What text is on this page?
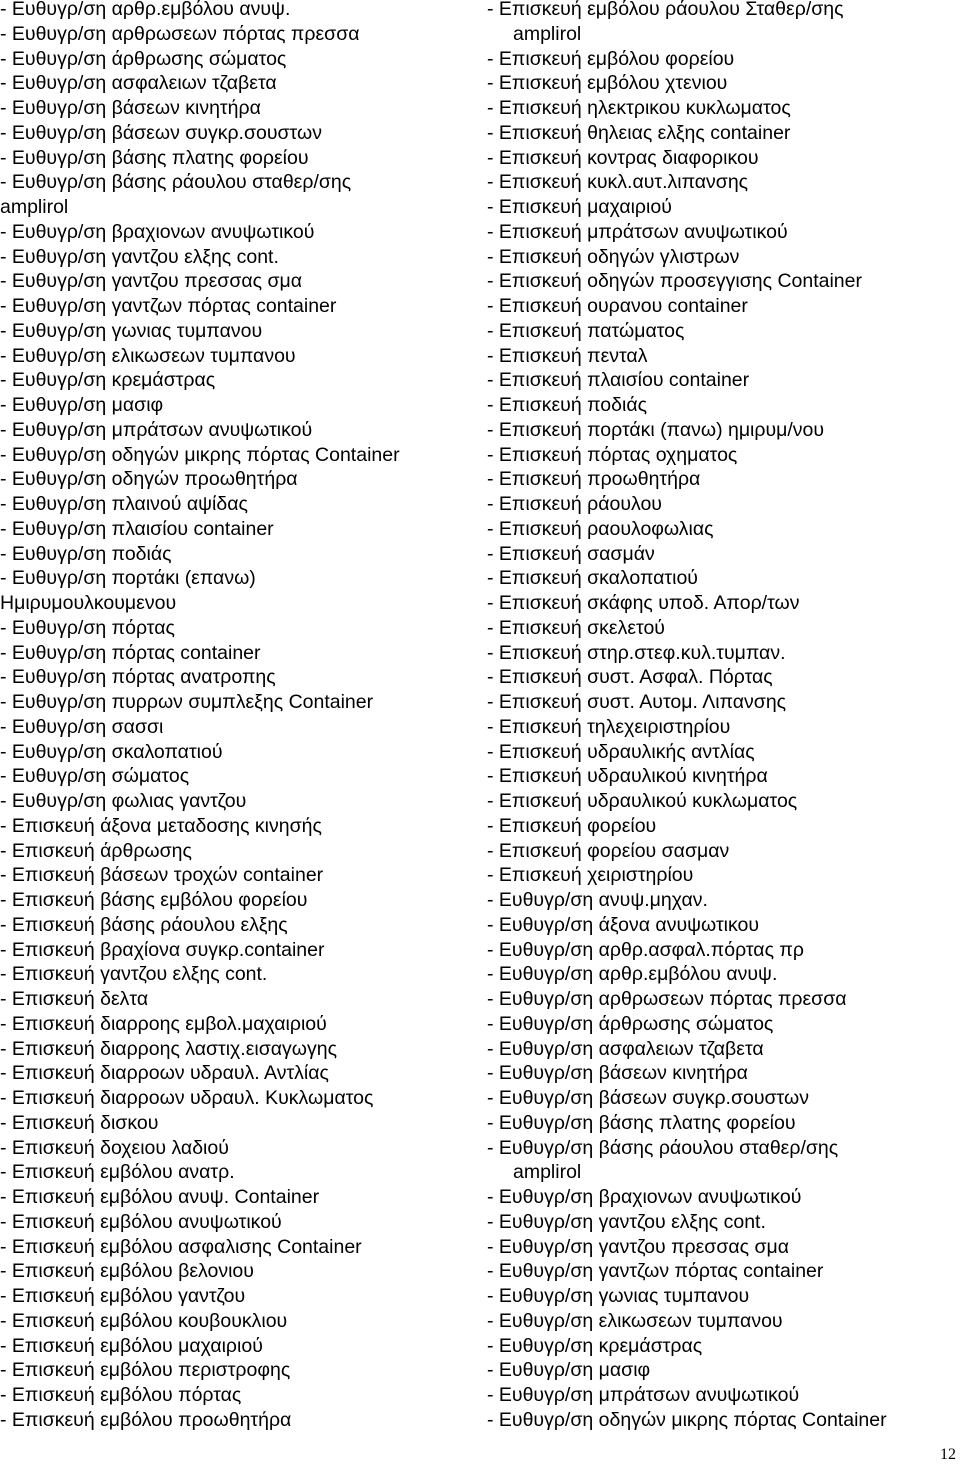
- Ευθυγρ/ση αρθρ.εμβόλου ανυψ.
- Ευθυγρ/ση αρθρωσεων πόρτας πρεσσα
- Ευθυγρ/ση άρθρωσης σώματος
- Ευθυγρ/ση ασφαλειων τζαβετα
- Ευθυγρ/ση βάσεων κινητήρα
- Ευθυγρ/ση βάσεων συγκρ.σουστων
- Ευθυγρ/ση βάσης πλατης φορείου
- Ευθυγρ/ση βάσης ράουλου σταθερ/σης
amplirol
- Ευθυγρ/ση βραχιονων ανυψωτικού
- Ευθυγρ/ση γαντζου ελξης cont.
- Ευθυγρ/ση γαντζου πρεσσας σμα
- Ευθυγρ/ση γαντζων πόρτας container
- Ευθυγρ/ση γωνιας τυμπανου
- Ευθυγρ/ση ελικωσεων τυμπανου
- Ευθυγρ/ση κρεμάστρας
- Ευθυγρ/ση μασιφ
- Ευθυγρ/ση μπράτσων ανυψωτικού
- Ευθυγρ/ση οδηγών μικρης πόρτας Container
- Ευθυγρ/ση οδηγών προωθητήρα
- Ευθυγρ/ση πλαινού αψίδας
- Ευθυγρ/ση πλαισίου container
- Ευθυγρ/ση ποδιάς
- Ευθυγρ/ση πορτάκι (επανω)
Ημιρυμουλκουμενου
- Ευθυγρ/ση πόρτας
- Ευθυγρ/ση πόρτας container
- Ευθυγρ/ση πόρτας ανατροπης
- Ευθυγρ/ση πυρρων συμπλεξης Container
- Ευθυγρ/ση σασσι
- Ευθυγρ/ση σκαλοπατιού
- Ευθυγρ/ση σώματος
- Ευθυγρ/ση φωλιας γαντζου
- Επισκευή άξονα μεταδοσης κινησής
- Επισκευή άρθρωσης
- Επισκευή βάσεων τροχών container
- Επισκευή βάσης εμβόλου φορείου
- Επισκευή βάσης ράουλου ελξης
- Επισκευή βραχίονα συγκρ.container
- Επισκευή γαντζου ελξης cont.
- Επισκευή δελτα
- Επισκευή διαρρoης εμβολ.μαχαιριού
- Επισκευή διαρροης λαστιχ.εισαγωγης
- Επισκευή διαρροων υδραυλ. Αντλίας
- Επισκευή διαρροων υδραυλ. Κυκλωματος
- Επισκευή δισκου
- Επισκευή δοχειου λαδιού
- Επισκευή εμβόλου ανατρ.
- Επισκευή εμβόλου ανυψ. Container
- Επισκευή εμβόλου ανυψωτικού
- Επισκευή εμβόλου ασφαλισης Container
- Επισκευή εμβόλου βελονιου
- Επισκευή εμβόλου γαντζου
- Επισκευή εμβόλου κουβουκλιου
- Επισκευή εμβόλου μαχαιριού
- Επισκευή εμβόλου περιστροφης
- Επισκευή εμβόλου πόρτας
- Επισκευή εμβόλου προωθητήρα
- Επισκευή εμβόλου ράουλου Σταθερ/σης
amplirol
- Επισκευή εμβόλου φορείου
- Επισκευή εμβόλου χτενιου
- Επισκευή ηλεκτρικου κυκλωματος
- Επισκευή θηλειας ελξης container
- Επισκευή κοντρας διαφορικου
- Επισκευή κυκλ.αυτ.λιπανσης
- Επισκευή μαχαιριού
- Επισκευή μπράτσων ανυψωτικού
- Επισκευή οδηγών γλιστρων
- Επισκευή οδηγών προσεγγισης Container
- Επισκευή ουρανου container
- Επισκευή πατώματος
- Επισκευή πενταλ
- Επισκευή πλαισίου container
- Επισκευή ποδιάς
- Επισκευή πορτάκι (πανω) ημιρυμ/νου
- Επισκευή πόρτας οχηματος
- Επισκευή προωθητήρα
- Επισκευή ράουλου
- Επισκευή ραουλοφωλιας
- Επισκευή σασμάν
- Επισκευή σκαλοπατιού
- Επισκευή σκάφης υποδ. Απορ/των
- Επισκευή σκελετού
- Επισκευή στηρ.στεφ.κυλ.τυμπαν.
- Επισκευή συστ. Ασφαλ. Πόρτας
- Επισκευή συστ. Αυτομ. Λιπανσης
- Επισκευή τηλεχειριστηρίου
- Επισκευή υδραυλικής αντλίας
- Επισκευή υδραυλικού κινητήρα
- Επισκευή υδραυλικού κυκλωματος
- Επισκευή φορείου
- Επισκευή φορείου σασμαν
- Επισκευή χειριστηρίου
- Ευθυγρ/ση ανυψ.μηχαν.
- Ευθυγρ/ση άξονα ανυψωτικου
- Ευθυγρ/ση αρθρ.ασφαλ.πόρτας πρ
- Ευθυγρ/ση αρθρ.εμβόλου ανυψ.
- Ευθυγρ/ση αρθρωσεων πόρτας πρεσσα
- Ευθυγρ/ση άρθρωσης σώματος
- Ευθυγρ/ση ασφαλειων τζαβετα
- Ευθυγρ/ση βάσεων κινητήρα
- Ευθυγρ/ση βάσεων συγκρ.σουστων
- Ευθυγρ/ση βάσης πλατης φορείου
- Ευθυγρ/ση βάσης ράουλου σταθερ/σης
amplirol
- Ευθυγρ/ση βραχιονων ανυψωτικού
- Ευθυγρ/ση γαντζου ελξης cont.
- Ευθυγρ/ση γαντζου πρεσσας σμα
- Ευθυγρ/ση γαντζων πόρτας container
- Ευθυγρ/ση γωνιας τυμπανου
- Ευθυγρ/ση ελικωσεων τυμπανου
- Ευθυγρ/ση κρεμάστρας
- Ευθυγρ/ση μασιφ
- Ευθυγρ/ση μπράτσων ανυψωτικού
- Ευθυγρ/ση οδηγών μικρης πόρτας Container
12
